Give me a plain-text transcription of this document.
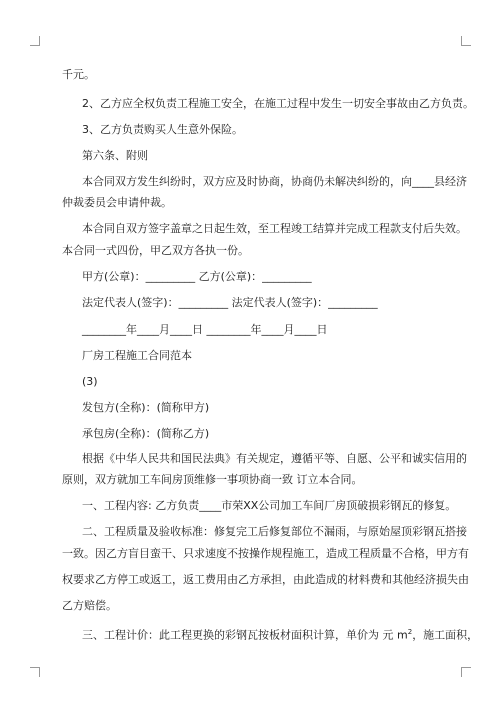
千元。
2、乙方应全权负责工程施工安全，在施工过程中发生一切安全事故由乙方负责。
3、乙方负责购买人生意外保险。
第六条、附则
本合同双方发生纠纷时，双方应及时协商，协商仍未解决纠纷的，向____县经济
仲裁委员会申请仲裁。
本合同自双方签字盖章之日起生效，至工程竣工结算并完成工程款支付后失效。
本合同一式四份，甲乙双方各执一份。
甲方(公章)：_________ 乙方(公章)：_________
法定代表人(签字)：_________ 法定代表人(签字)：_________
________年____月____日 ________年____月____日
厂房工程施工合同范本
(3)
发包方(全称)：(简称甲方)
承包房(全称)：(简称乙方)
根据《中华人民共和国民法典》有关规定，遵循平等、自愿、公平和诚实信用的
原则，双方就加工车间房顶维修一事项协商一致 订立本合同。
一、工程内容: 乙方负责____市荣XX公司加工车间厂房顶破损彩钢瓦的修复。
二、工程质量及验收标准：修复完工后修复部位不漏雨，与原始屋顶彩钢瓦搭接
一致。因乙方盲目蛮干、只求速度不按操作规程施工，造成工程质量不合格，甲方有
权要求乙方停工或返工，返工费用由乙方承担，由此造成的材料费和其他经济损失由
乙方赔偿。
三、工程计价：此工程更换的彩钢瓦按板材面积计算，单价为 元 $m^2$，施工面积，
